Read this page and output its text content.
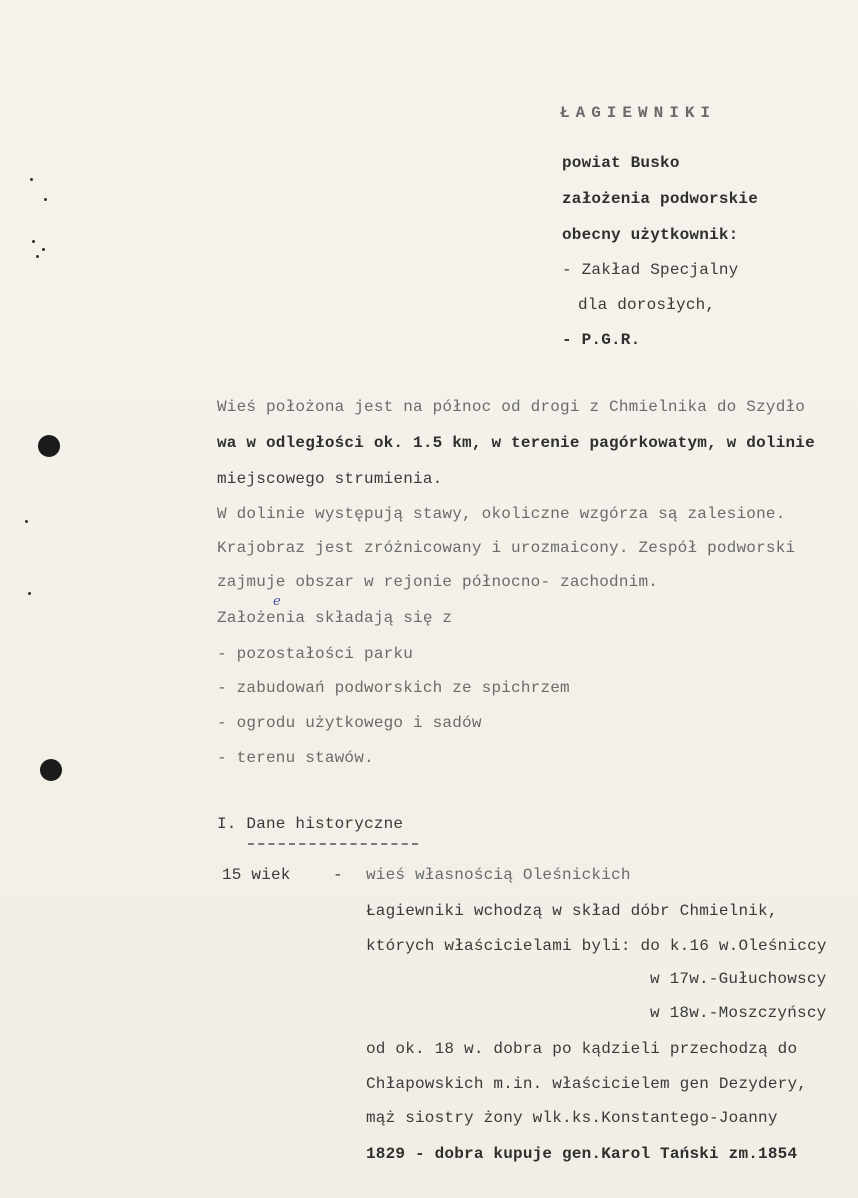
ŁAGIEWNIKI
powiat Busko
założenia podworskie
obecny użytkownik:
- Zakład Specjalny
dla dorosłych,
- P.G.R.
Wieś położona jest na północ od drogi z Chmielnika do Szydło
wa w odległości ok. 1.5 km, w terenie pagórkowatym, w dolinie
miejscowego strumienia.
W dolinie występują stawy, okoliczne wzgórza są zalesione.
Krajobraz jest zróżnicowany i urozmaicony. Zespół podworski
zajmuje obszar w rejonie północno- zachodnim.
Założenia składają się z
e
- pozostałości parku
- zabudowań podworskich ze spichrzem
- ogrodu użytkowego i sadów
- terenu stawów.
I. Dane historyczne
15 wiek	- wieś własnością Oleśnickich
Łagiewniki wchodzą w skład dóbr Chmielnik,
których właścicielami byli: do k.16 w.Oleśniccy
w 17w.-Gułuchowscy
w 18w.-Moszczyńscy
od ok. 18 w. dobra po kądzieli przechodzą do
Chłapowskich m.in. właścicielem gen Dezydery,
mąż siostry żony wlk.ks.Konstantego-Joanny
1829 - dobra kupuje gen.Karol Tański zm.1854
